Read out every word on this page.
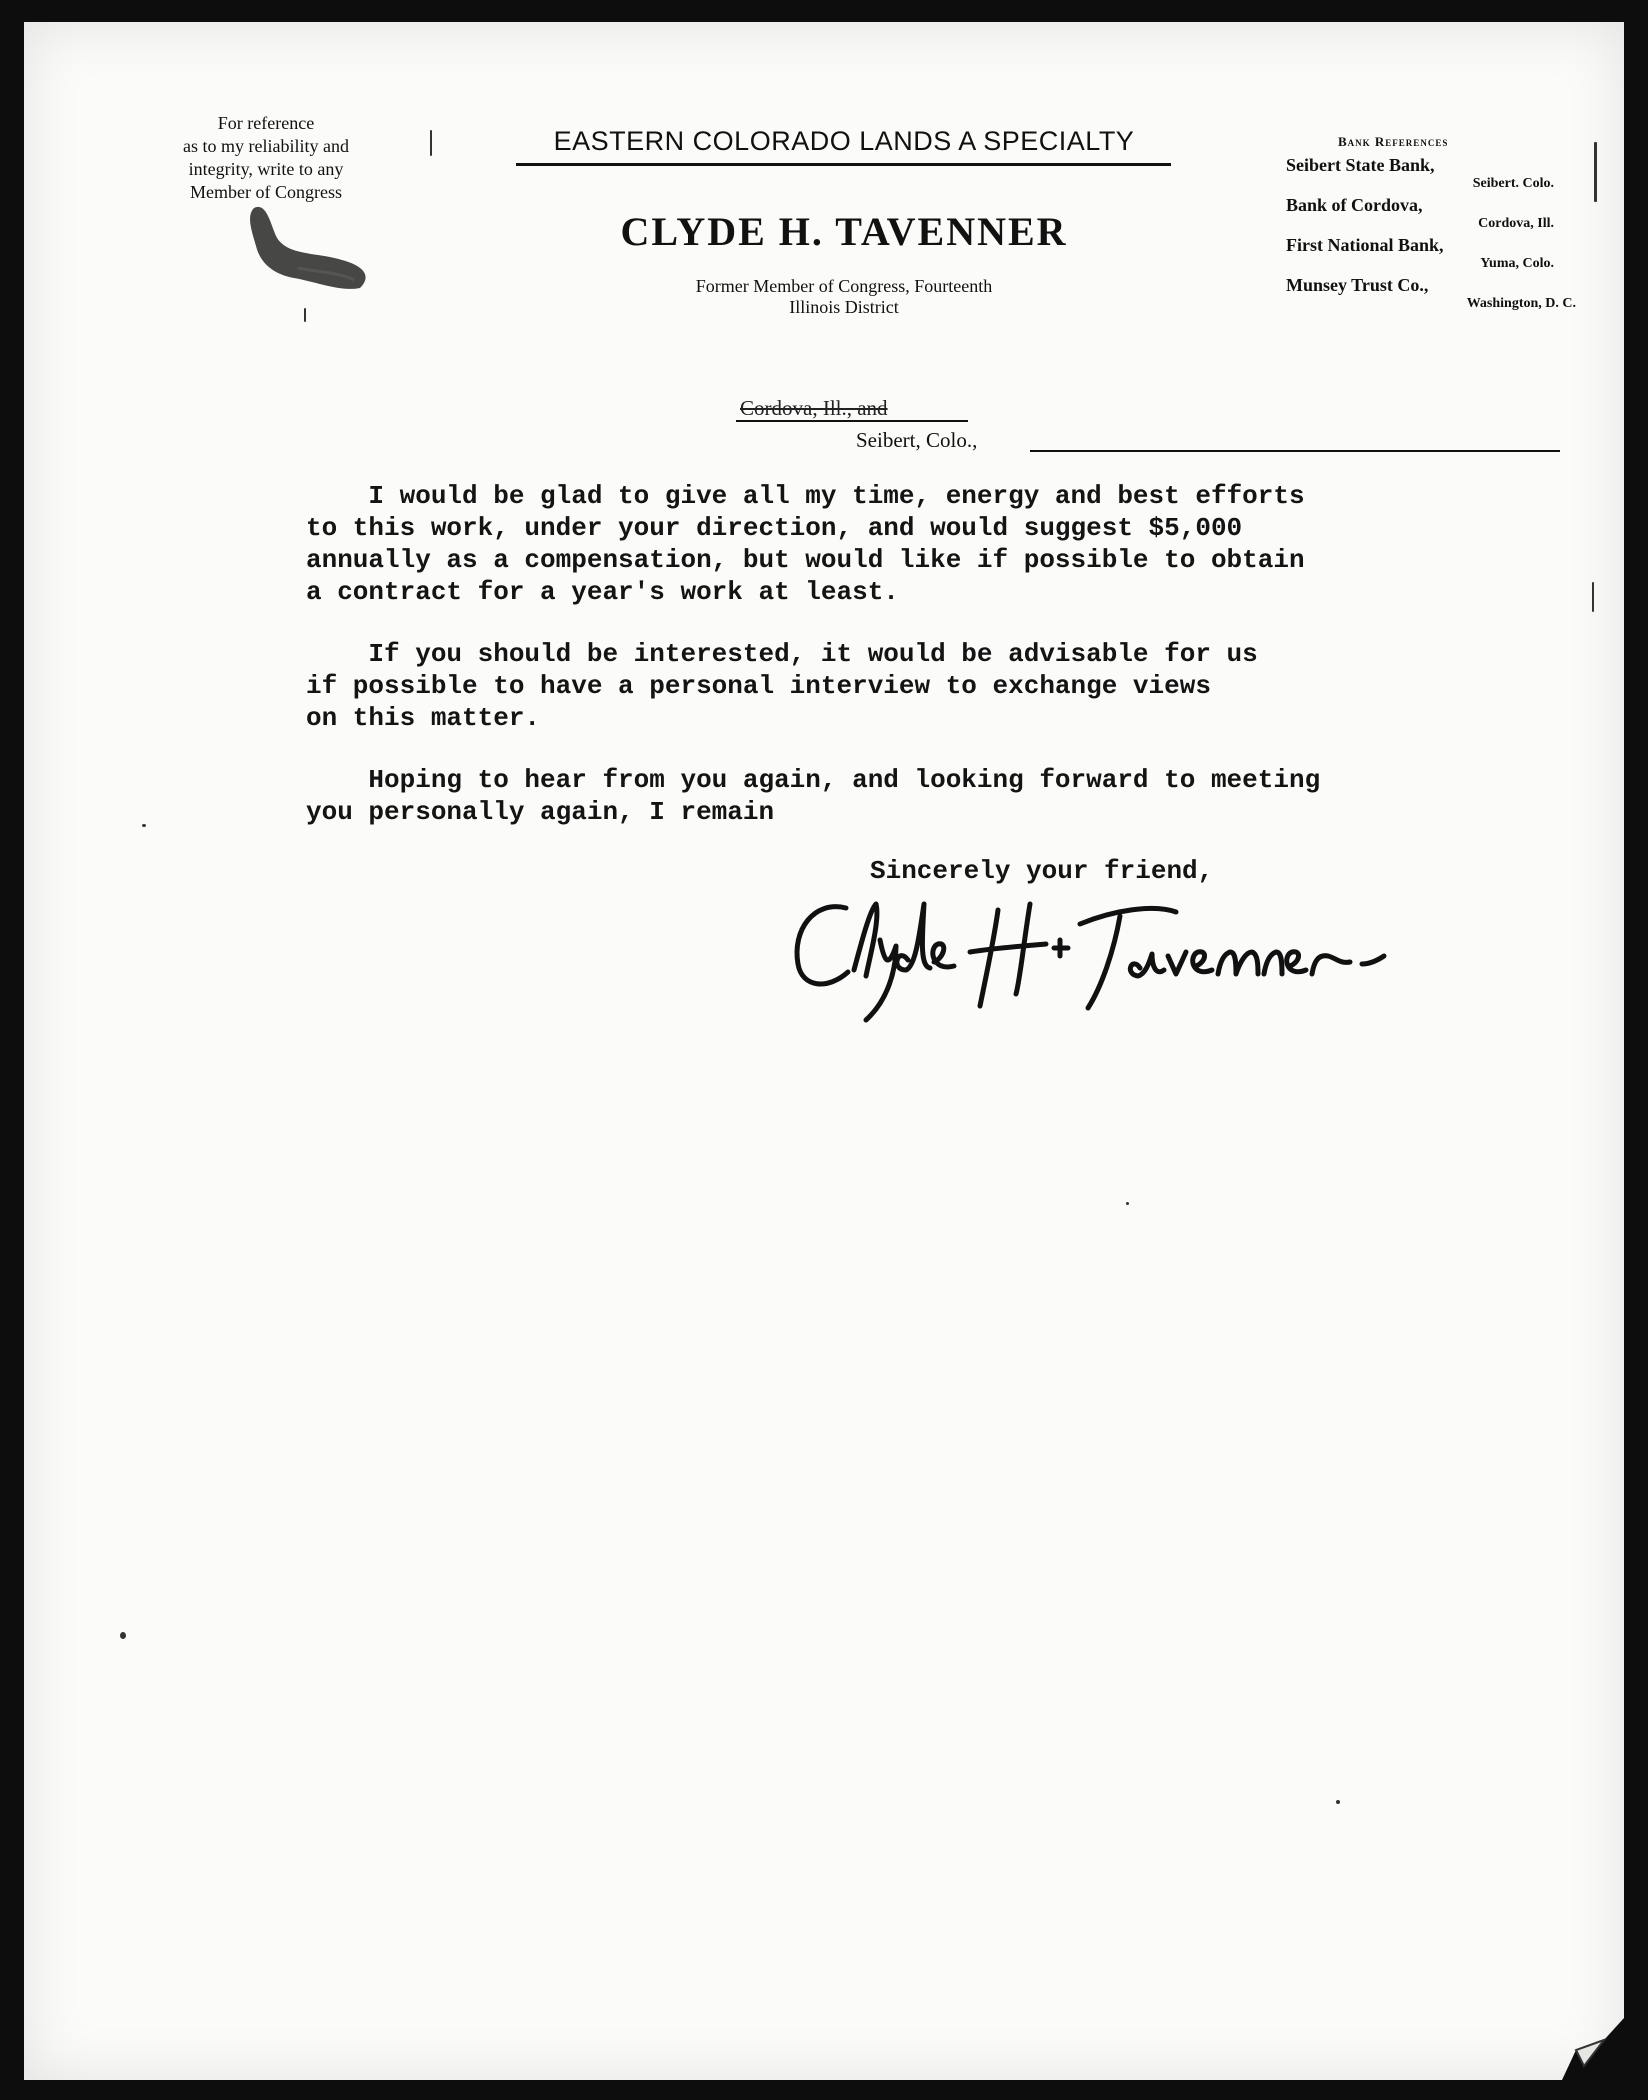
For reference
as to my reliability and
integrity, write to any
Member of Congress
EASTERN COLORADO LANDS A SPECIALTY
CLYDE H. TAVENNER
Former Member of Congress, Fourteenth
Illinois District
Bank References
Seibert State Bank,
Seibert. Colo.
Bank of Cordova,
Cordova, Ill.
First National Bank,
Yuma, Colo.
Munsey Trust Co.,
Washington, D. C.
Cordova, Ill., and
Seibert, Colo.,
I would be glad to give all my time, energy and best efforts
to this work, under your direction, and would suggest $5,000
annually as a compensation, but would like if possible to obtain
a contract for a year's work at least.
If you should be interested, it would be advisable for us
if possible to have a personal interview to exchange views
on this matter.
Hoping to hear from you again, and looking forward to meeting
you personally again, I remain
Sincerely your friend,
